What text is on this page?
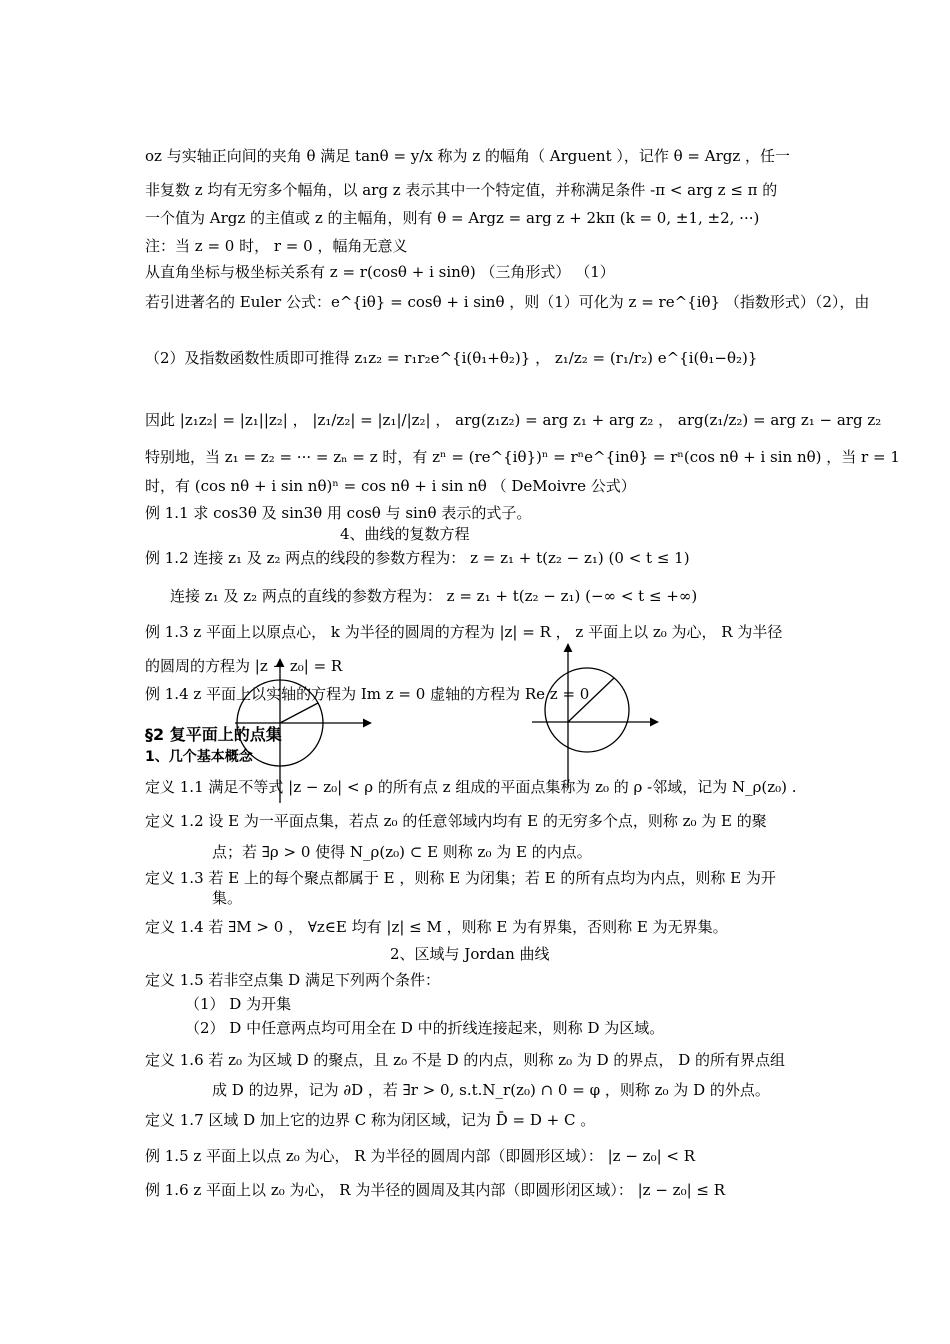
oz 与实轴正向间的夹角 θ 满足 tanθ = y/x 称为 z 的幅角（ Arguent ），记作 θ = Argz ，任一
非复数 z 均有无穷多个幅角，以 arg z 表示其中一个特定值，并称满足条件 -π < arg z ≤ π 的
一个值为 Argz 的主值或 z 的主幅角，则有 θ = Argz = arg z + 2kπ (k = 0, ±1, ±2, ···)
注：当 z = 0 时， r = 0 ，幅角无意义
从直角坐标与极坐标关系有 z = r(cosθ + i sinθ) （三角形式） （1）
若引进著名的 Euler 公式：e^{iθ} = cosθ + i sinθ ，则（1）可化为 z = re^{iθ} （指数形式）（2），由
（2）及指数函数性质即可推得 z₁z₂ = r₁r₂e^{i(θ₁+θ₂)} ， z₁/z₂ = (r₁/r₂) e^{i(θ₁−θ₂)}
因此 |z₁z₂| = |z₁||z₂| ， |z₁/z₂| = |z₁|/|z₂| ， arg(z₁z₂) = arg z₁ + arg z₂ ， arg(z₁/z₂) = arg z₁ − arg z₂
特别地，当 z₁ = z₂ = ··· = zₙ = z 时，有 zⁿ = (re^{iθ})ⁿ = rⁿe^{inθ} = rⁿ(cos nθ + i sin nθ) ，当 r = 1
时，有 (cos nθ + i sin nθ)ⁿ = cos nθ + i sin nθ （ DeMoivre 公式）
例 1.1 求 cos3θ 及 sin3θ 用 cosθ 与 sinθ 表示的式子。
4、曲线的复数方程
例 1.2 连接 z₁ 及 z₂ 两点的线段的参数方程为： z = z₁ + t(z₂ − z₁) (0 < t ≤ 1)
连接 z₁ 及 z₂ 两点的直线的参数方程为： z = z₁ + t(z₂ − z₁) (−∞ < t ≤ +∞)
例 1.3 z 平面上以原点心， k 为半径的圆周的方程为 |z| = R ， z 平面上以 z₀ 为心， R 为半径
的圆周的方程为 |z − z₀| = R
例 1.4 z 平面上以实轴的方程为 Im z = 0 虚轴的方程为 Re z = 0
§2 复平面上的点集
1、几个基本概念
定义 1.1 满足不等式 |z − z₀| < ρ 的所有点 z 组成的平面点集称为 z₀ 的 ρ -邻域，记为 N_ρ(z₀) .
定义 1.2 设 E 为一平面点集，若点 z₀ 的任意邻域内均有 E 的无穷多个点，则称 z₀ 为 E 的聚
点；若 ∃ρ > 0 使得 N_ρ(z₀) ⊂ E 则称 z₀ 为 E 的内点。
定义 1.3 若 E 上的每个聚点都属于 E ，则称 E 为闭集；若 E 的所有点均为内点，则称 E 为开
集。
定义 1.4 若 ∃M > 0 ， ∀z∈E 均有 |z| ≤ M ，则称 E 为有界集，否则称 E 为无界集。
2、区域与 Jordan 曲线
定义 1.5 若非空点集 D 满足下列两个条件：
（1） D 为开集
（2） D 中任意两点均可用全在 D 中的折线连接起来，则称 D 为区域。
定义 1.6 若 z₀ 为区域 D 的聚点，且 z₀ 不是 D 的内点，则称 z₀ 为 D 的界点， D 的所有界点组
成 D 的边界，记为 ∂D ，若 ∃r > 0, s.t.N_r(z₀) ∩ 0 = φ ，则称 z₀ 为 D 的外点。
定义 1.7 区域 D 加上它的边界 C 称为闭区域，记为 D̄ = D + C 。
例 1.5 z 平面上以点 z₀ 为心， R 为半径的圆周内部（即圆形区域）： |z − z₀| < R
例 1.6 z 平面上以 z₀ 为心， R 为半径的圆周及其内部（即圆形闭区域）： |z − z₀| ≤ R
